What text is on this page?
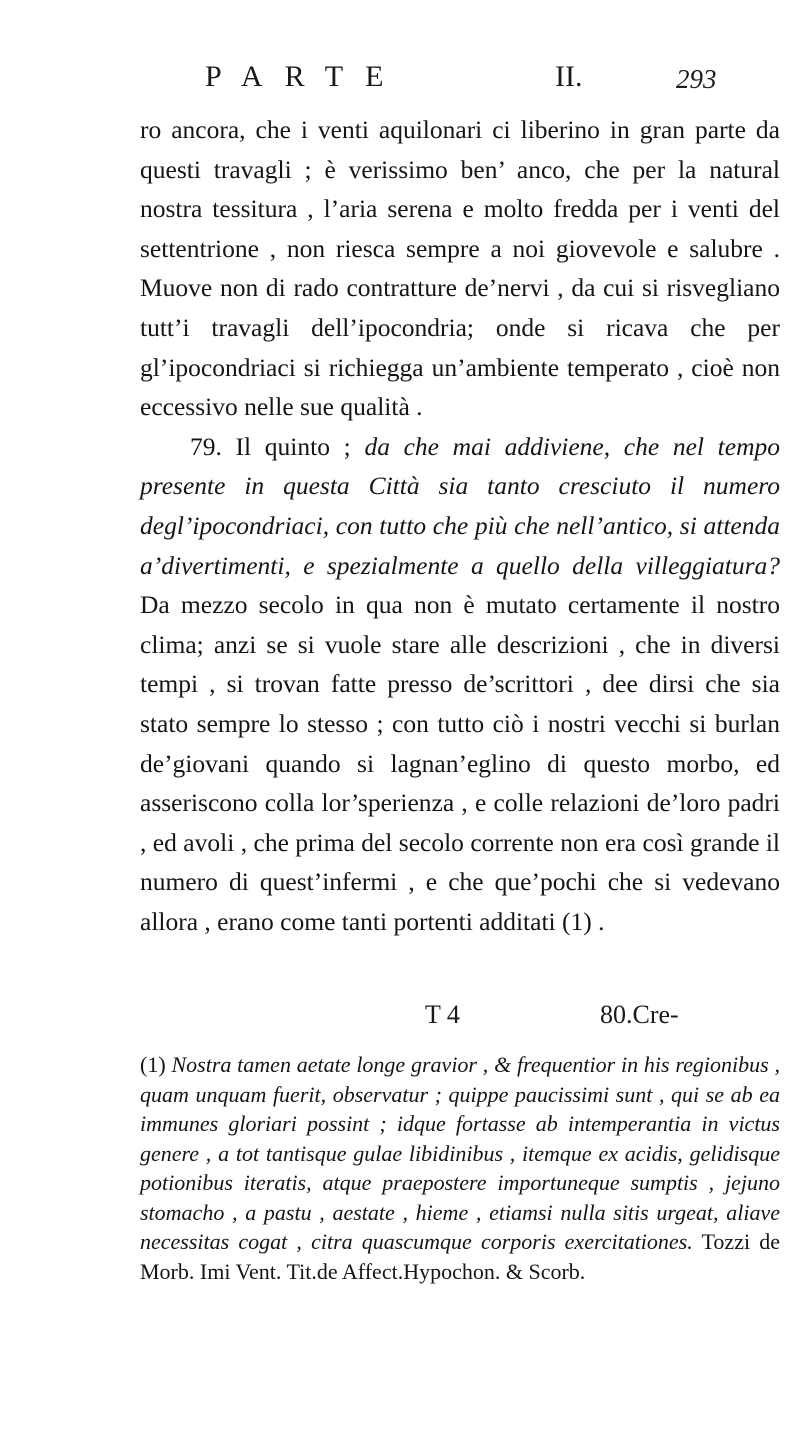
PARTE	II.	293

ro ancora, che i venti aquilonari ci liberino in gran parte da questi travagli ; è verissimo ben’ anco, che per la natural nostra tessitura , l’aria serena e molto fredda per i venti del settentrione , non riesca sempre a noi giovevole e salubre . Muove non di rado contratture de’nervi , da cui si risvegliano tutt’i travagli dell’ipocondria; onde si ricava che per gl’ipocondriaci si richiegga un’ambiente temperato , cioè non eccessivo nelle sue qualità .

79. Il quinto ; da che mai addiviene, che nel tempo presente in questa Città sia tanto cresciuto il numero degl’ipocondriaci, con tutto che più che nell’antico, si attenda a’divertimenti, e spezialmente a quello della villeggiatura? Da mezzo secolo in qua non è mutato certamente il nostro clima; anzi se si vuole stare alle descrizioni , che in diversi tempi , si trovan fatte presso de’scrittori , dee dirsi che sia stato sempre lo stesso ; con tutto ciò i nostri vecchi si burlan de’giovani quando si lagnan’eglino di questo morbo, ed asseriscono colla lor’sperienza , e colle relazioni de’loro padri , ed avoli , che prima del secolo corrente non era così grande il numero di quest’infermi , e che que’pochi che si vedevano allora , erano come tanti portenti additati (1) .

T 4	80.Cre-
(1) Nostra tamen aetate longe gravior , & frequentior in his regionibus , quam unquam fuerit, observatur ; quippe paucissimi sunt , qui se ab ea immunes gloriari possint ; idque fortasse ab intemperantia in victus genere , a tot tantisque gulae libidinibus , itemque ex acidis, gelidisque potionibus iteratis, atque praepostere importuneque sumptis , jejuno stomacho , a pastu , aestate , hieme , etiamsi nulla sitis urgeat, aliave necessitas cogat , citra quascumque corporis exercitationes. Tozzi de Morb. Imi Vent. Tit.de Affect.Hypochon. & Scorb.
